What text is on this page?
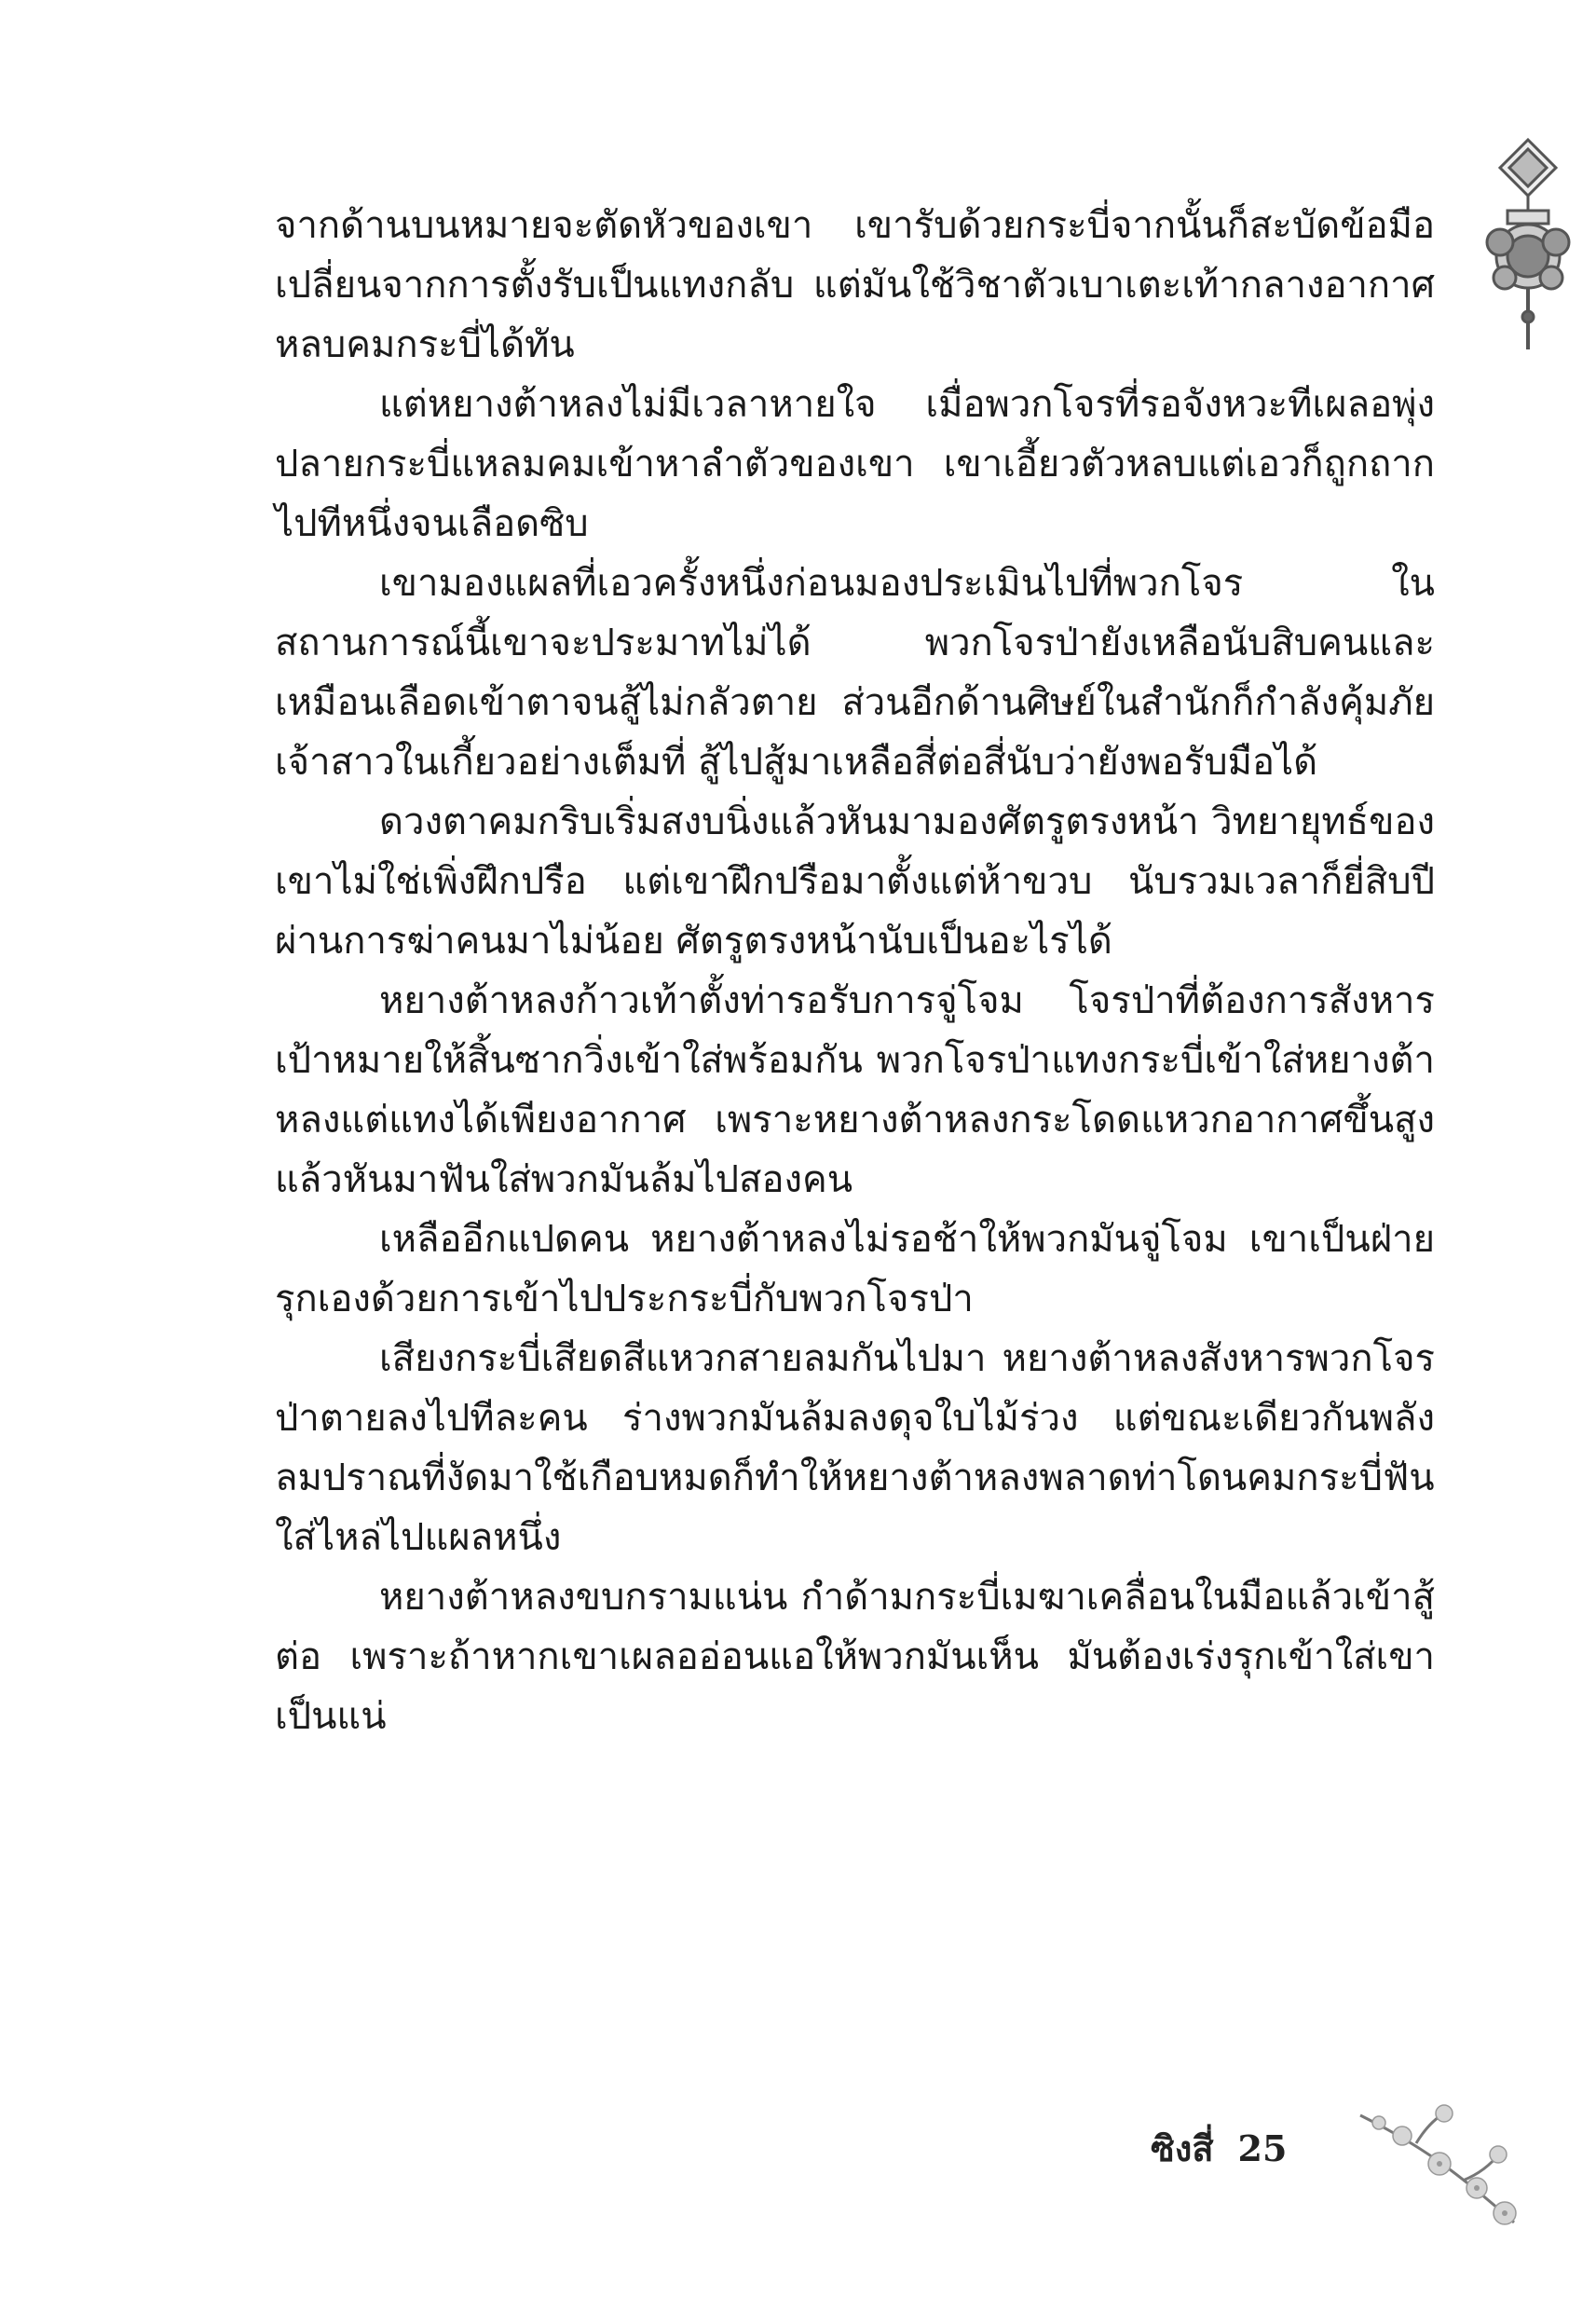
จากด้านบนหมายจะตัดหัวของเขา เขารับด้วยกระบี่จากนั้นก็สะบัดข้อมือเปลี่ยนจากการตั้งรับเป็นแทงกลับ แต่มันใช้วิชาตัวเบาเตะเท้ากลางอากาศหลบคมกระบี่ได้ทัน

แต่หยางต้าหลงไม่มีเวลาหายใจ เมื่อพวกโจรที่รอจังหวะทีเผลอพุ่งปลายกระบี่แหลมคมเข้าหาลำตัวของเขา เขาเอี้ยวตัวหลบแต่เอวก็ถูกถากไปทีหนึ่งจนเลือดซิบ

เขามองแผลที่เอวครั้งหนึ่งก่อนมองประเมินไปที่พวกโจร ในสถานการณ์นี้เขาจะประมาทไม่ได้ พวกโจรป่ายังเหลือนับสิบคนและเหมือนเลือดเข้าตาจนสู้ไม่กลัวตาย ส่วนอีกด้านศิษย์ในสำนักก็กำลังคุ้มภัยเจ้าสาวในเกี้ยวอย่างเต็มที่ สู้ไปสู้มาเหลือสี่ต่อสี่นับว่ายังพอรับมือได้

ดวงตาคมกริบเริ่มสงบนิ่งแล้วหันมามองศัตรูตรงหน้า วิทยายุทธ์ของเขาไม่ใช่เพิ่งฝึกปรือ แต่เขาฝึกปรือมาตั้งแต่ห้าขวบ นับรวมเวลาก็ยี่สิบปี ผ่านการฆ่าคนมาไม่น้อย ศัตรูตรงหน้านับเป็นอะไรได้

หยางต้าหลงก้าวเท้าตั้งท่ารอรับการจู่โจม โจรป่าที่ต้องการสังหารเป้าหมายให้สิ้นซากวิ่งเข้าใส่พร้อมกัน พวกโจรป่าแทงกระบี่เข้าใส่หยางต้าหลงแต่แทงได้เพียงอากาศ เพราะหยางต้าหลงกระโดดแหวกอากาศขึ้นสูงแล้วหันมาฟันใส่พวกมันล้มไปสองคน

เหลืออีกแปดคน หยางต้าหลงไม่รอช้าให้พวกมันจู่โจม เขาเป็นฝ่ายรุกเองด้วยการเข้าไปประกระบี่กับพวกโจรป่า

เสียงกระบี่เสียดสีแหวกสายลมกันไปมา หยางต้าหลงสังหารพวกโจรป่าตายลงไปทีละคน ร่างพวกมันล้มลงดุจใบไม้ร่วง แต่ขณะเดียวกันพลังลมปราณที่งัดมาใช้เกือบหมดก็ทำให้หยางต้าหลงพลาดท่าโดนคมกระบี่ฟันใส่ไหล่ไปแผลหนึ่ง

หยางต้าหลงขบกรามแน่น กำด้ามกระบี่เมฆาเคลื่อนในมือแล้วเข้าสู้ต่อ เพราะถ้าหากเขาเผลออ่อนแอให้พวกมันเห็น มันต้องเร่งรุกเข้าใส่เขาเป็นแน่

ซิงสี่ 25
